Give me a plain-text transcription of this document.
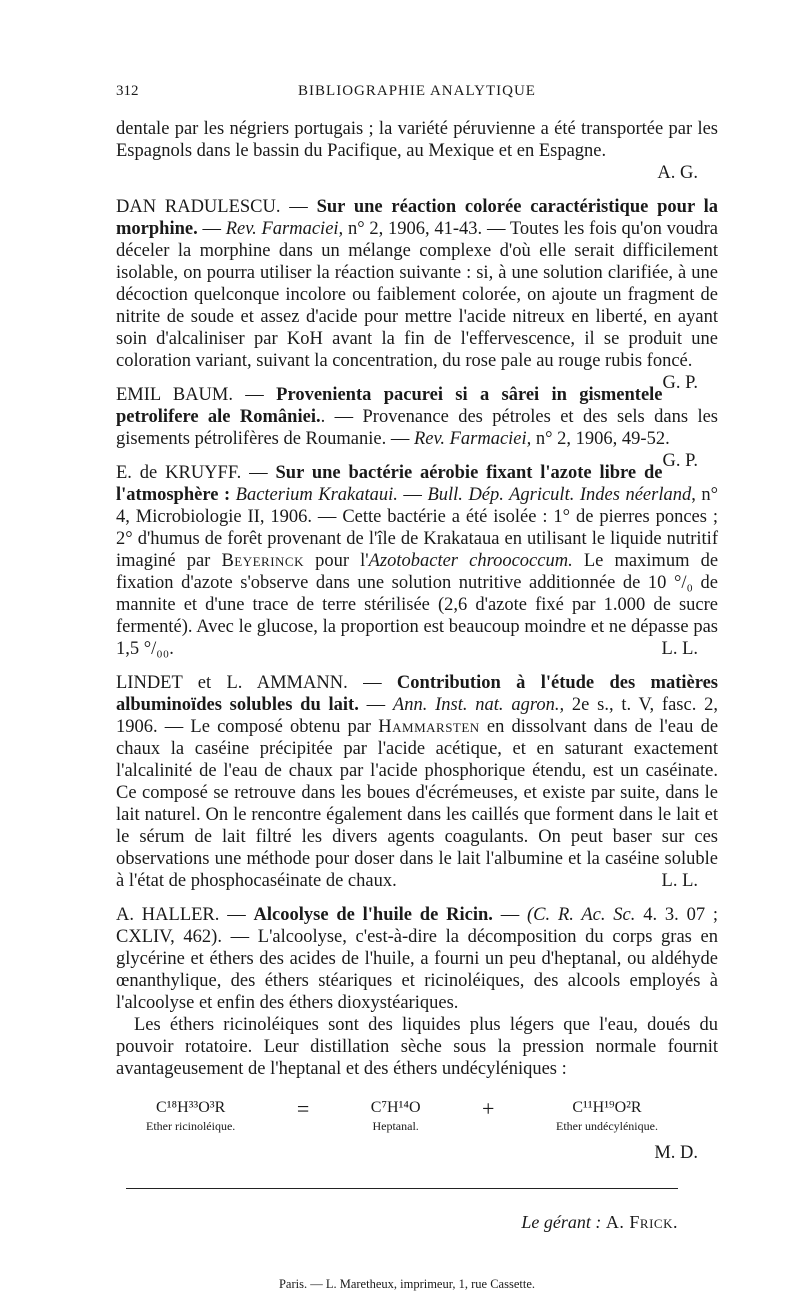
312	BIBLIOGRAPHIE ANALYTIQUE

dentale par les négriers portugais ; la variété péruvienne a été transportée par les Espagnols dans le bassin du Pacifique, au Mexique et en Espagne.

A. G.

DAN RADULESCU. — Sur une réaction colorée caractéristique pour la morphine. — Rev. Farmaciei, n° 2, 1906, 41-43. — Toutes les fois qu'on voudra déceler la morphine dans un mélange complexe d'où elle serait difficilement isolable, on pourra utiliser la réaction suivante : si, à une solution clarifiée, à une décoction quelconque incolore ou faiblement colorée, on ajoute un fragment de nitrite de soude et assez d'acide pour mettre l'acide nitreux en liberté, en ayant soin d'alcaliniser par KoH avant la fin de l'effervescence, il se produit une coloration variant, suivant la concentration, du rose pale au rouge rubis foncé.
G. P.

EMIL BAUM. — Provenienta pacurei si a sârei in gismentele petrolifere ale României.. — Provenance des pétroles et des sels dans les gisements pétrolifères de Roumanie. — Rev. Farmaciei, n° 2, 1906, 49-52.
G. P.

E. de KRUYFF. — Sur une bactérie aérobie fixant l'azote libre de l'atmosphère : Bacterium Krakataui. — Bull. Dép. Agricult. Indes néerland, n° 4, Microbiologie II, 1906. — Cette bactérie a été isolée : 1° de pierres ponces ; 2° d'humus de forêt provenant de l'île de Krakataua en utilisant le liquide nutritif imaginé par Beyerinck pour l'Azotobacter chroococcum. Le maximum de fixation d'azote s'observe dans une solution nutritive additionnée de 10 °/₀ de mannite et d'une trace de terre stérilisée (2,6 d'azote fixé par 1.000 de sucre fermenté). Avec le glucose, la proportion est beaucoup moindre et ne dépasse pas 1,5 °/₀₀.	L. L.

LINDET et L. AMMANN. — Contribution à l'étude des matières albuminoïdes solubles du lait. — Ann. Inst. nat. agron., 2e s., t. V, fasc. 2, 1906. — Le composé obtenu par Hammarsten en dissolvant dans de l'eau de chaux la caséine précipitée par l'acide acétique, et en saturant exactement l'alcalinité de l'eau de chaux par l'acide phosphorique étendu, est un caséinate. Ce composé se retrouve dans les boues d'écrémeuses, et existe par suite, dans le lait naturel. On le rencontre également dans les caillés que forment dans le lait et le sérum de lait filtré les divers agents coagulants. On peut baser sur ces observations une méthode pour doser dans le lait l'albumine et la caséine soluble à l'état de phosphocaséinate de chaux.	L. L.

A. HALLER. — Alcoolyse de l'huile de Ricin. — (C. R. Ac. Sc. 4. 3. 07 ; CXLIV, 462). — L'alcoolyse, c'est-à-dire la décomposition du corps gras en glycérine et éthers des acides de l'huile, a fourni un peu d'heptanal, ou aldéhyde œnanthylique, des éthers stéariques et ricinoléiques, des alcools employés à l'alcoolyse et enfin des éthers dioxystéariques.

Les éthers ricinoléiques sont des liquides plus légers que l'eau, doués du pouvoir rotatoire. Leur distillation sèche sous la pression normale fournit avantageusement de l'heptanal et des éthers undécyléniques :

C¹⁸H³³O³R
Ether ricinoléique.
=	C⁷H¹⁴O
Heptanal.
+	C¹¹H¹⁹O²R
Ether undécylénique.
M. D.
Le gérant : A. Frick.
Paris. — L. Maretheux, imprimeur, 1, rue Cassette.
